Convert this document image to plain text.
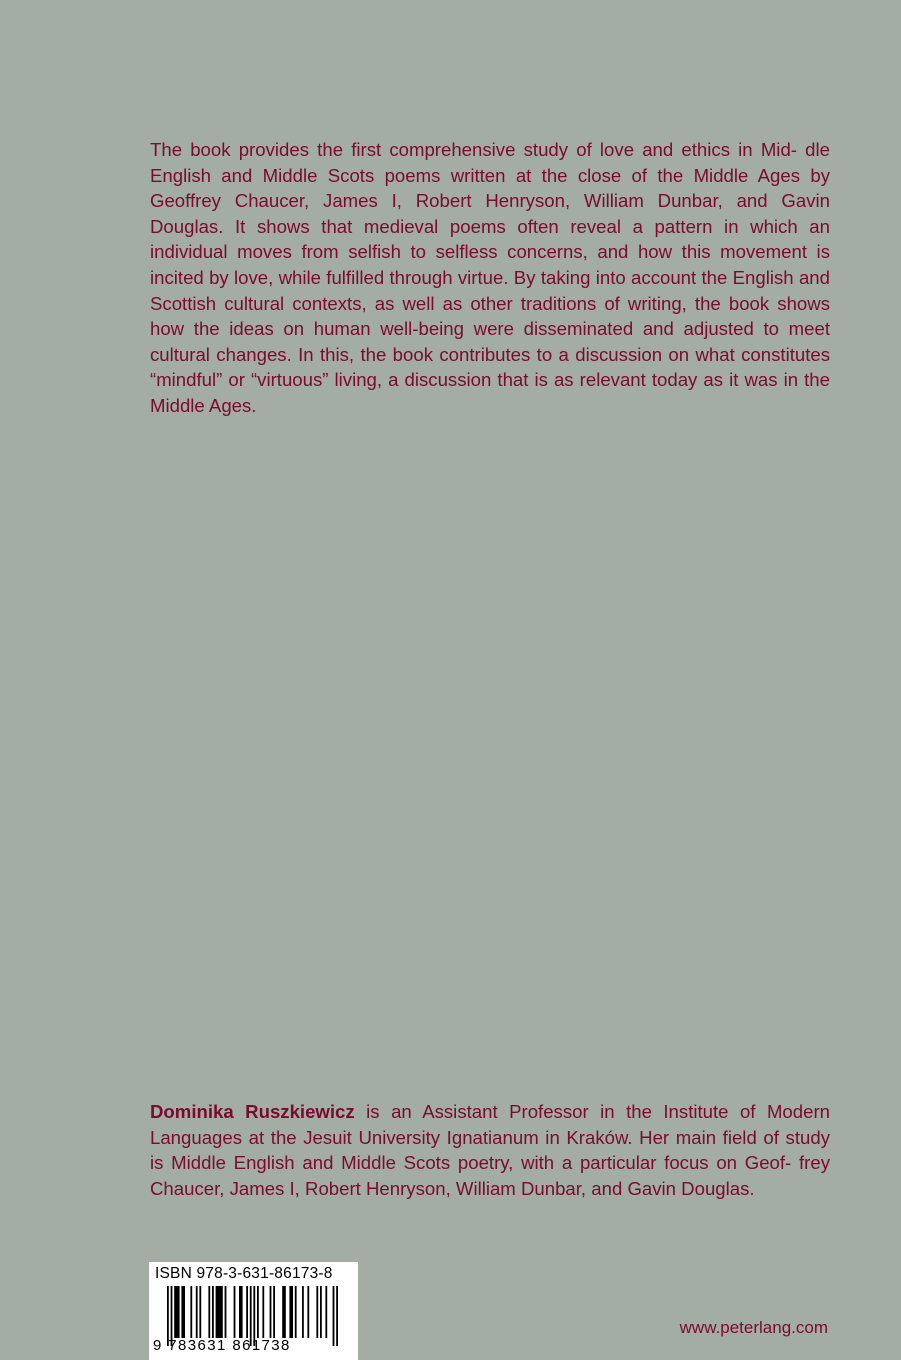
The book provides the first comprehensive study of love and ethics in Mid- dle English and Middle Scots poems written at the close of the Middle Ages by Geoffrey Chaucer, James I, Robert Henryson, William Dunbar, and Gavin Douglas. It shows that medieval poems often reveal a pattern in which an individual moves from selfish to selfless concerns, and how this movement is incited by love, while fulfilled through virtue. By taking into account the English and Scottish cultural contexts, as well as other traditions of writing, the book shows how the ideas on human well-being were disseminated and adjusted to meet cultural changes. In this, the book contributes to a discussion on what constitutes “mindful” or “virtuous” living, a discussion that is as relevant today as it was in the Middle Ages.
Dominika Ruszkiewicz is an Assistant Professor in the Institute of Modern Languages at the Jesuit University Ignatianum in Kraków. Her main field of study is Middle English and Middle Scots poetry, with a particular focus on Geof- frey Chaucer, James I, Robert Henryson, William Dunbar, and Gavin Douglas.
ISBN 978-3-631-86173-8
9 783631 861738
www.peterlang.com
